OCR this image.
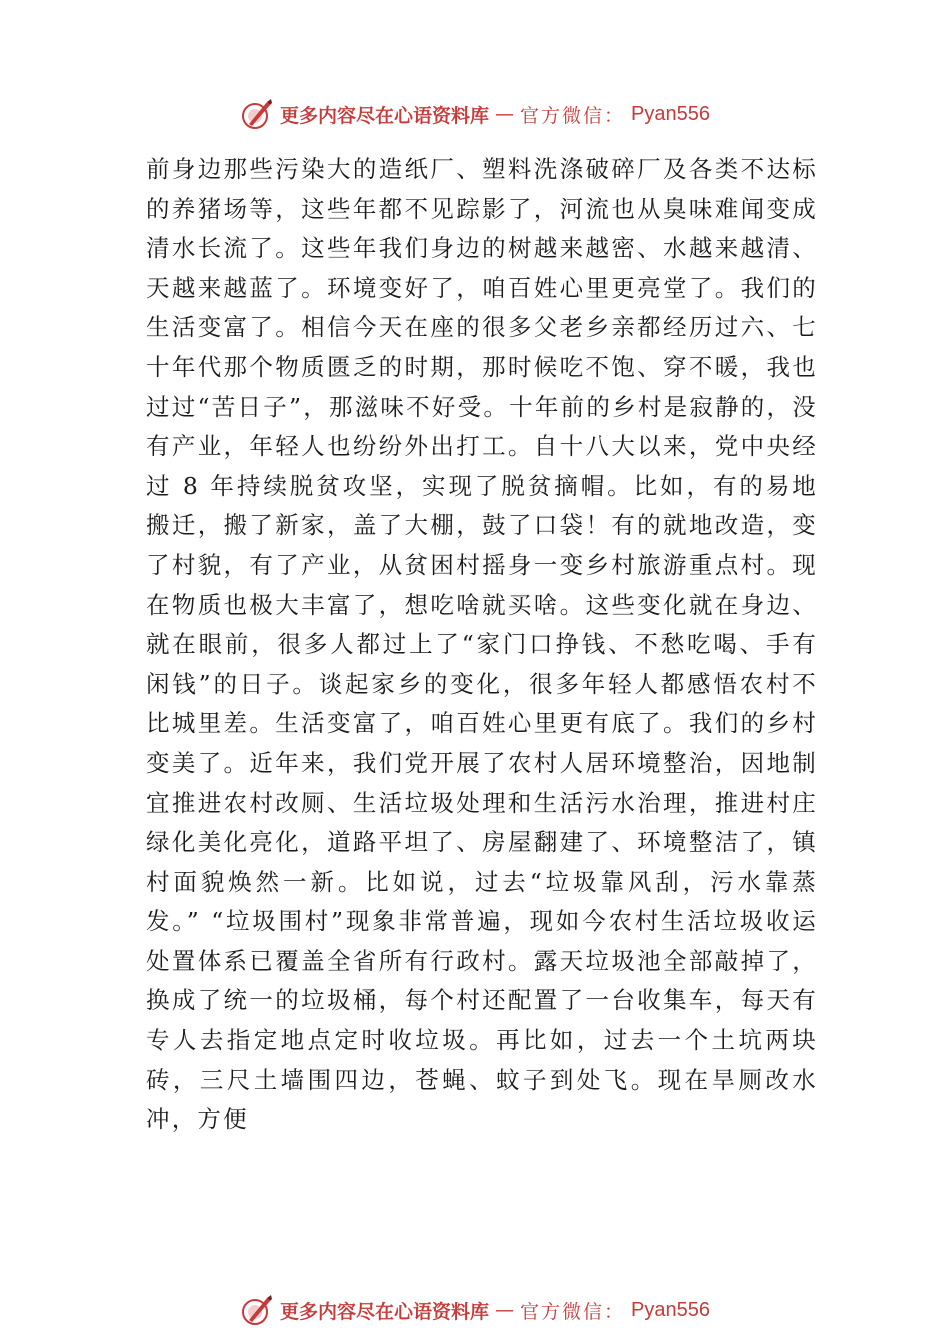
更多内容尽在心语资料库 — 官方微信： Pyan556

前身边那些污染大的造纸厂、塑料洗涤破碎厂及各类不达标的养猪场等，这些年都不见踪影了，河流也从臭味难闻变成清水长流了。这些年我们身边的树越来越密、水越来越清、 天越来越蓝了。环境变好了，咱百姓心里更亮堂了。我们的生活变富了。相信今天在座的很多父老乡亲都经历过六、七十年代那个物质匮乏的时期，那时候吃不饱、穿不暖，我也过过“苦日子”，那滋味不好受。十年前的乡村是寂静的，没有产业，年轻人也纷纷外出打工。自十八大以来，党中央经过 8 年持续脱贫攻坚，实现了脱贫摘帽。比如，有的易地搬迁，搬了新家，盖了大棚，鼓了口袋！有的就地改造，变了村貌，有了产业，从贫困村摇身一变乡村旅游重点村。现在物质也极大丰富了，想吃啥就买啥。这些变化就在身边、就在眼前，很多人都过上了“家门口挣钱、不愁吃喝、手有闲钱”的日子。谈起家乡的变化，很多年轻人都感悟农村不比城里差。生活变富了，咱百姓心里更有底了。我们的乡村变美了。近年来，我们党开展了农村人居环境整治，因地制宜推进农村改厕、生活垃圾处理和生活污水治理，推进村庄绿化美化亮化，道路平坦了、房屋翻建了、环境整洁了，镇村面貌焕然一新。比如说，过去“垃圾靠风刮，污水靠蒸发。” “垃圾围村”现象非常普遍，现如今农村生活垃圾收运处置体系已覆盖全省所有行政村。露天垃圾池全部敲掉了，换成了统一的垃圾桶，每个村还配置了一台收集车，每天有专人去指定地点定时收垃圾。再比如，过去一个土坑两块砖，三尺土墙围四边，苍蝇、蚊子到处飞。现在旱厕改水冲，方便

更多内容尽在心语资料库 — 官方微信： Pyan556
